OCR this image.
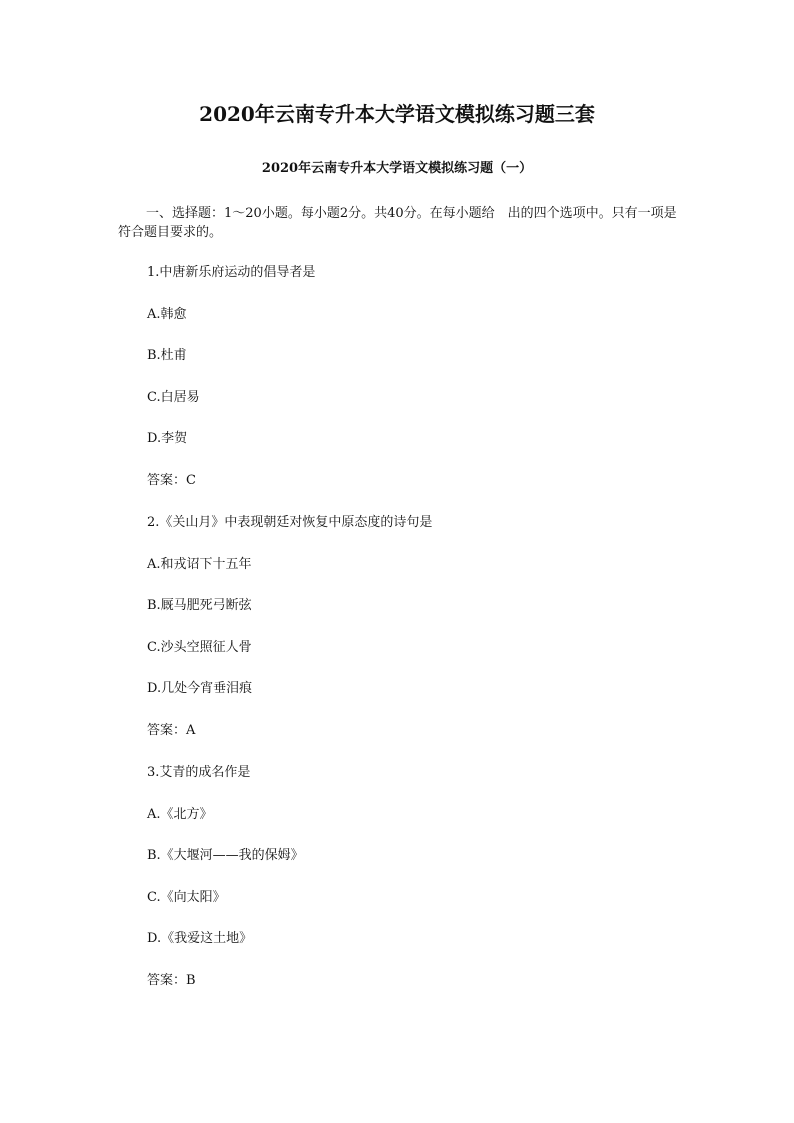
2020年云南专升本大学语文模拟练习题三套
2020年云南专升本大学语文模拟练习题（一）
一、选择题：1～20小题。每小题2分。共40分。在每小题给　出的四个选项中。只有一项是符合题目要求的。
1.中唐新乐府运动的倡导者是
A.韩愈
B.杜甫
C.白居易
D.李贺
答案：C
2.《关山月》中表现朝廷对恢复中原态度的诗句是
A.和戎诏下十五年
B.厩马肥死弓断弦
C.沙头空照征人骨
D.几处今宵垂泪痕
答案：A
3.艾青的成名作是
A.《北方》
B.《大堰河——我的保姆》
C.《向太阳》
D.《我爱这土地》
答案：B
